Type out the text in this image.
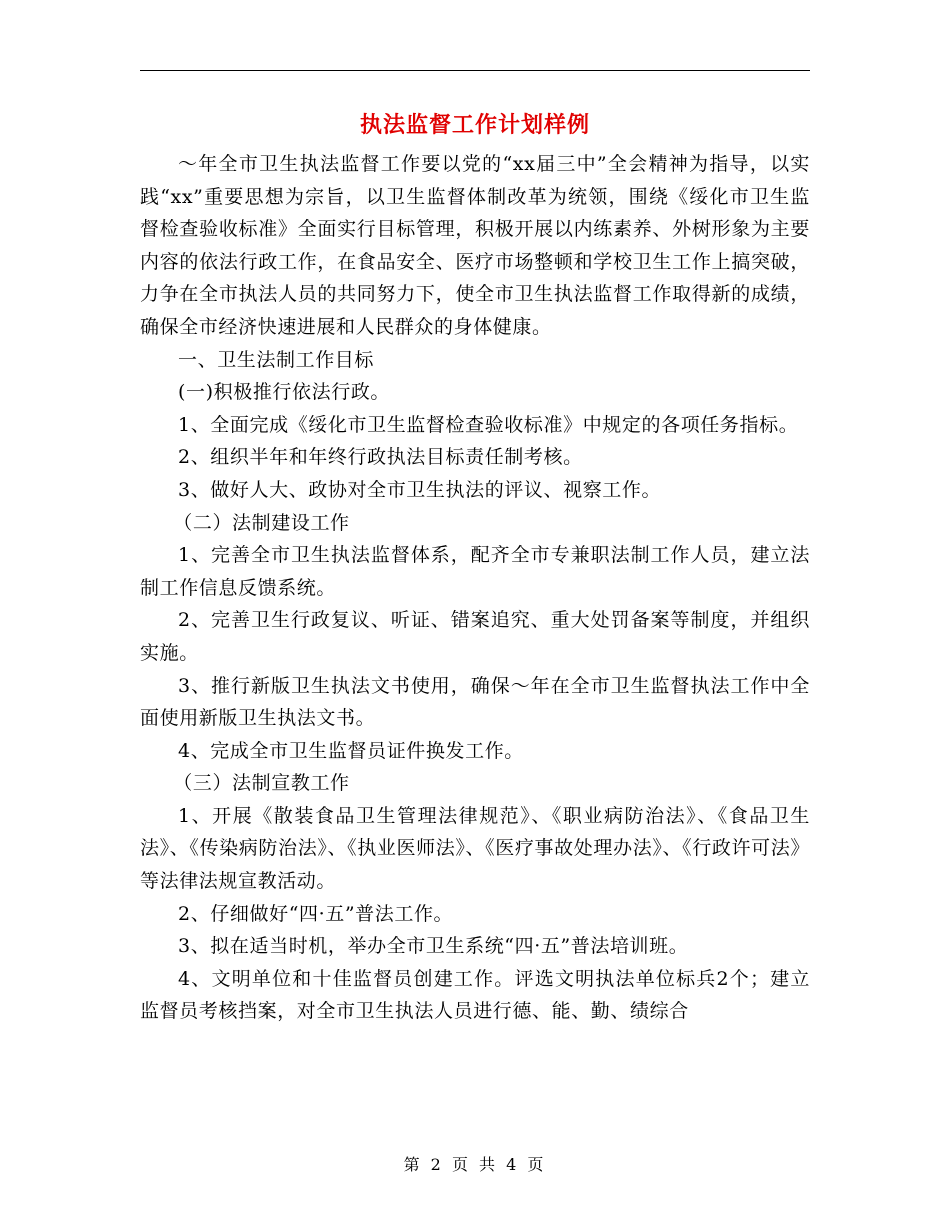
执法监督工作计划样例

～年全市卫生执法监督工作要以党的“xx届三中”全会精神为指导，以实践“xx”重要思想为宗旨，以卫生监督体制改革为统领，围绕《绥化市卫生监督检查验收标准》全面实行目标管理，积极开展以内练素养、外树形象为主要内容的依法行政工作，在食品安全、医疗市场整顿和学校卫生工作上搞突破，力争在全市执法人员的共同努力下，使全市卫生执法监督工作取得新的成绩，确保全市经济快速进展和人民群众的身体健康。

一、卫生法制工作目标

(一)积极推行依法行政。

1、全面完成《绥化市卫生监督检查验收标准》中规定的各项任务指标。

2、组织半年和年终行政执法目标责任制考核。

3、做好人大、政协对全市卫生执法的评议、视察工作。

（二）法制建设工作

1、完善全市卫生执法监督体系，配齐全市专兼职法制工作人员，建立法制工作信息反馈系统。

2、完善卫生行政复议、听证、错案追究、重大处罚备案等制度，并组织实施。

3、推行新版卫生执法文书使用，确保～年在全市卫生监督执法工作中全面使用新版卫生执法文书。

4、完成全市卫生监督员证件换发工作。

（三）法制宣教工作

1、开展《散装食品卫生管理法律规范》、《职业病防治法》、《食品卫生法》、《传染病防治法》、《执业医师法》、《医疗事故处理办法》、《行政许可法》等法律法规宣教活动。

2、仔细做好“四·五”普法工作。

3、拟在适当时机，举办全市卫生系统“四·五”普法培训班。

4、文明单位和十佳监督员创建工作。评选文明执法单位标兵2个；建立监督员考核挡案，对全市卫生执法人员进行德、能、勤、绩综合

第 2 页 共 4 页
